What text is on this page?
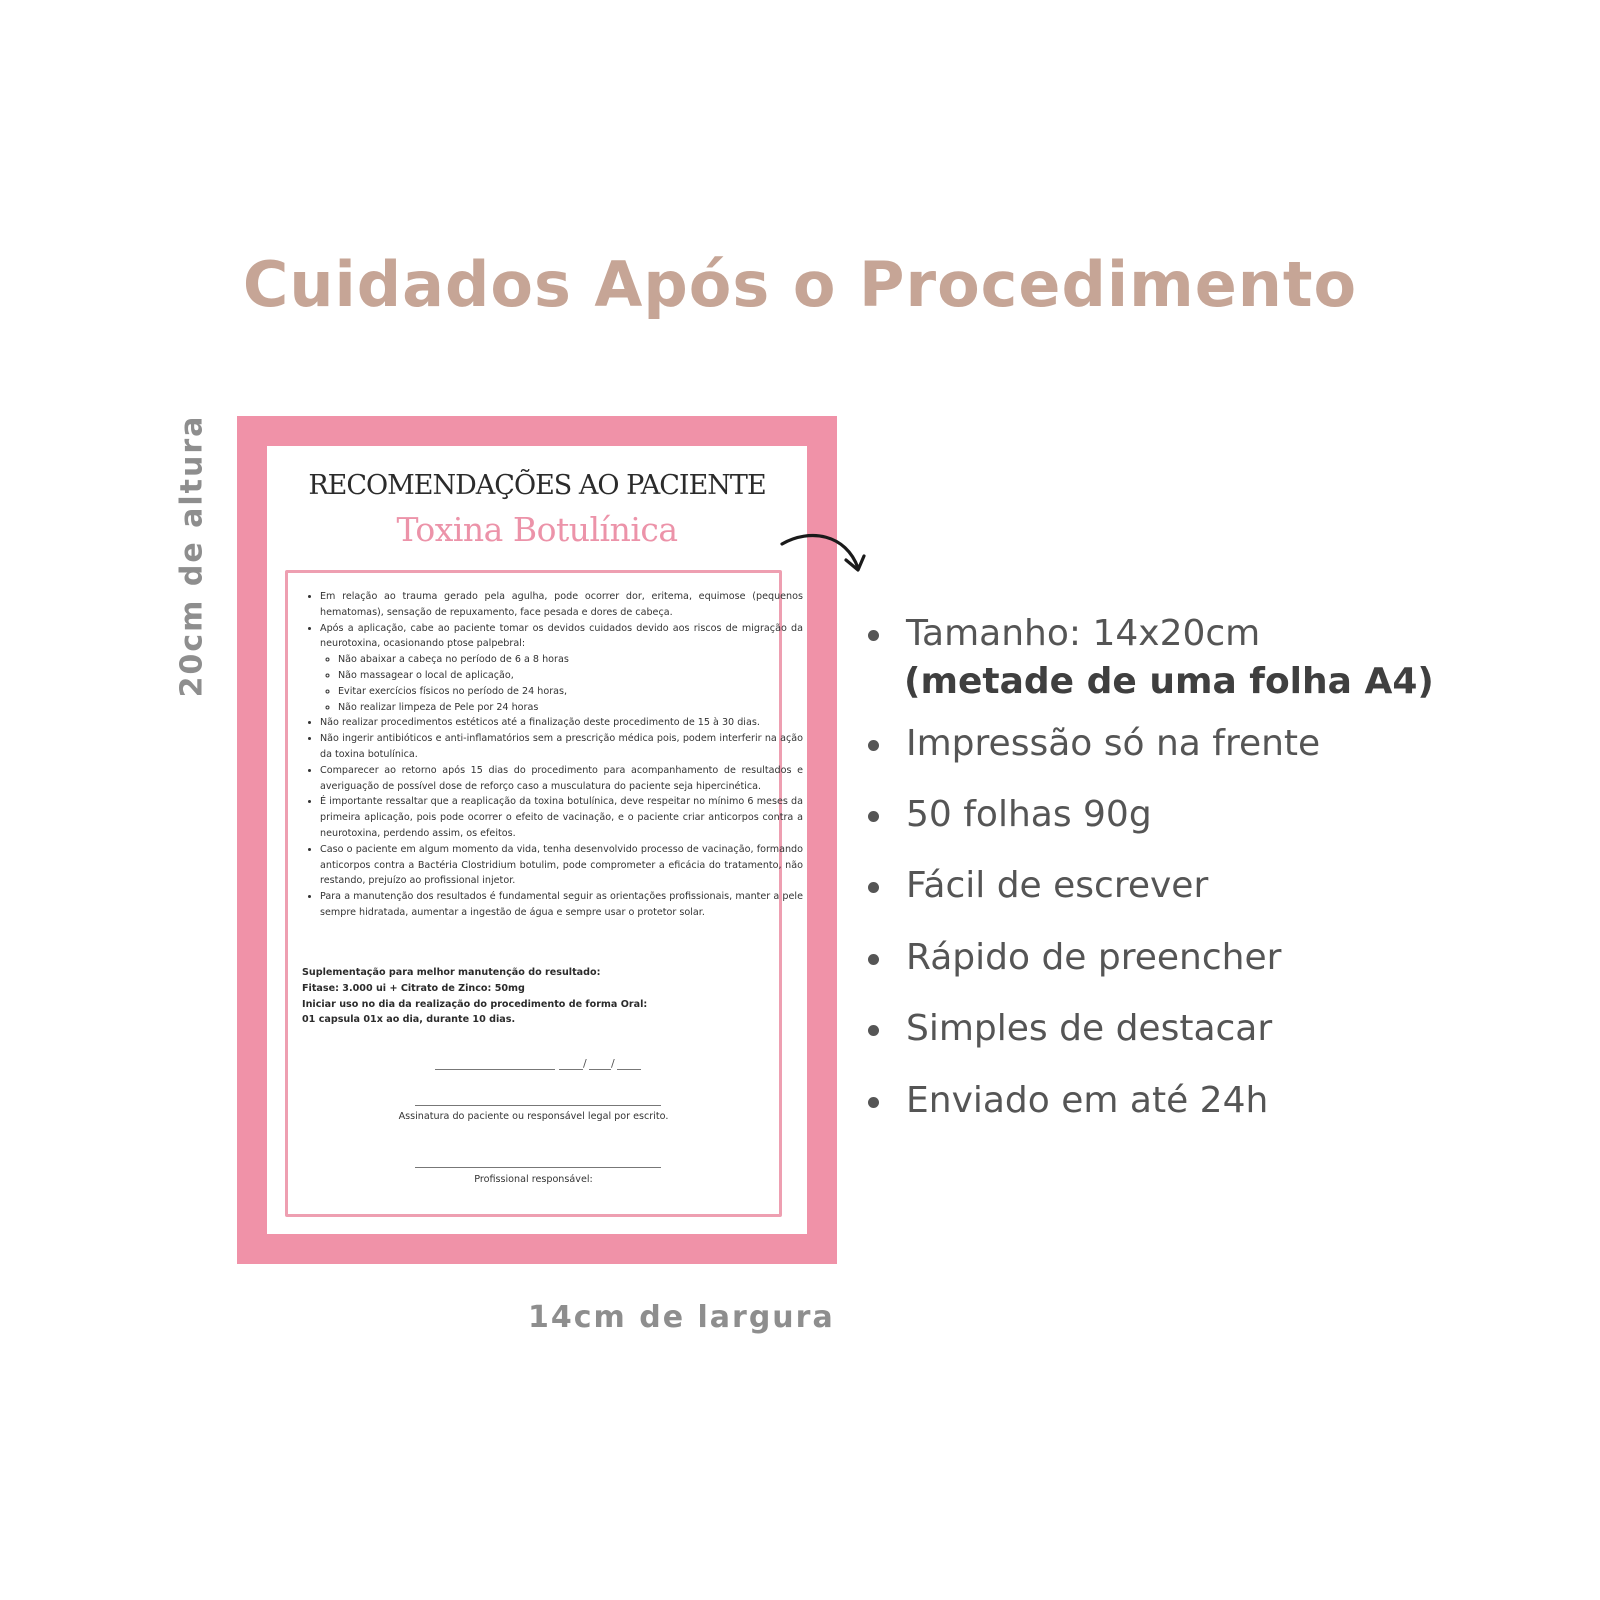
Cuidados Após o Procedimento
20cm de altura	RECOMENDAÇÕES AO PACIENTE
Toxina Botulínica
• Em relação ao trauma gerado pela agulha, pode ocorrer dor, eritema, equimose (pequenos hematomas), sensação de repuxamento, face pesada e dores de cabeça.
• Após a aplicação, cabe ao paciente tomar os devidos cuidados devido aos riscos de migração da neurotoxina, ocasionando ptose palpebral:
◦ Não abaixar a cabeça no período de 6 a 8 horas
◦ Não massagear o local de aplicação,
◦ Evitar exercícios físicos no período de 24 horas,
◦ Não realizar limpeza de Pele por 24 horas
• Não realizar procedimentos estéticos até a finalização deste procedimento de 15 à 30 dias.
• Não ingerir antibióticos e anti-inflamatórios sem a prescrição médica pois, podem interferir na ação da toxina botulínica.
• Comparecer ao retorno após 15 dias do procedimento para acompanhamento de resultados e averiguação de possível dose de reforço caso a musculatura do paciente seja hipercinética.
• É importante ressaltar que a reaplicação da toxina botulínica, deve respeitar no mínimo 6 meses da primeira aplicação, pois pode ocorrer o efeito de vacinação, e o paciente criar anticorpos contra a neurotoxina, perdendo assim, os efeitos.
• Caso o paciente em algum momento da vida, tenha desenvolvido processo de vacinação, formando anticorpos contra a Bactéria Clostridium botulim, pode comprometer a eficácia do tratamento, não restando, prejuízo ao profissional injetor.
• Para a manutenção dos resultados é fundamental seguir as orientações profissionais, manter a pele sempre hidratada, aumentar a ingestão de água e sempre usar o protetor solar.
Suplementação para melhor manutenção do resultado:
Fitase: 3.000 ui + Citrato de Zinco: 50mg
Iniciar uso no dia da realização do procedimento de forma Oral:
01 capsula 01x ao dia, durante 10 dias.
/ /
Assinatura do paciente ou responsável legal por escrito.
Profissional responsável:
14cm de largura
Tamanho: 14x20cm
(metade de uma folha A4)
Impressão só na frente
50 folhas 90g
Fácil de escrever
Rápido de preencher
Simples de destacar
Enviado em até 24h
